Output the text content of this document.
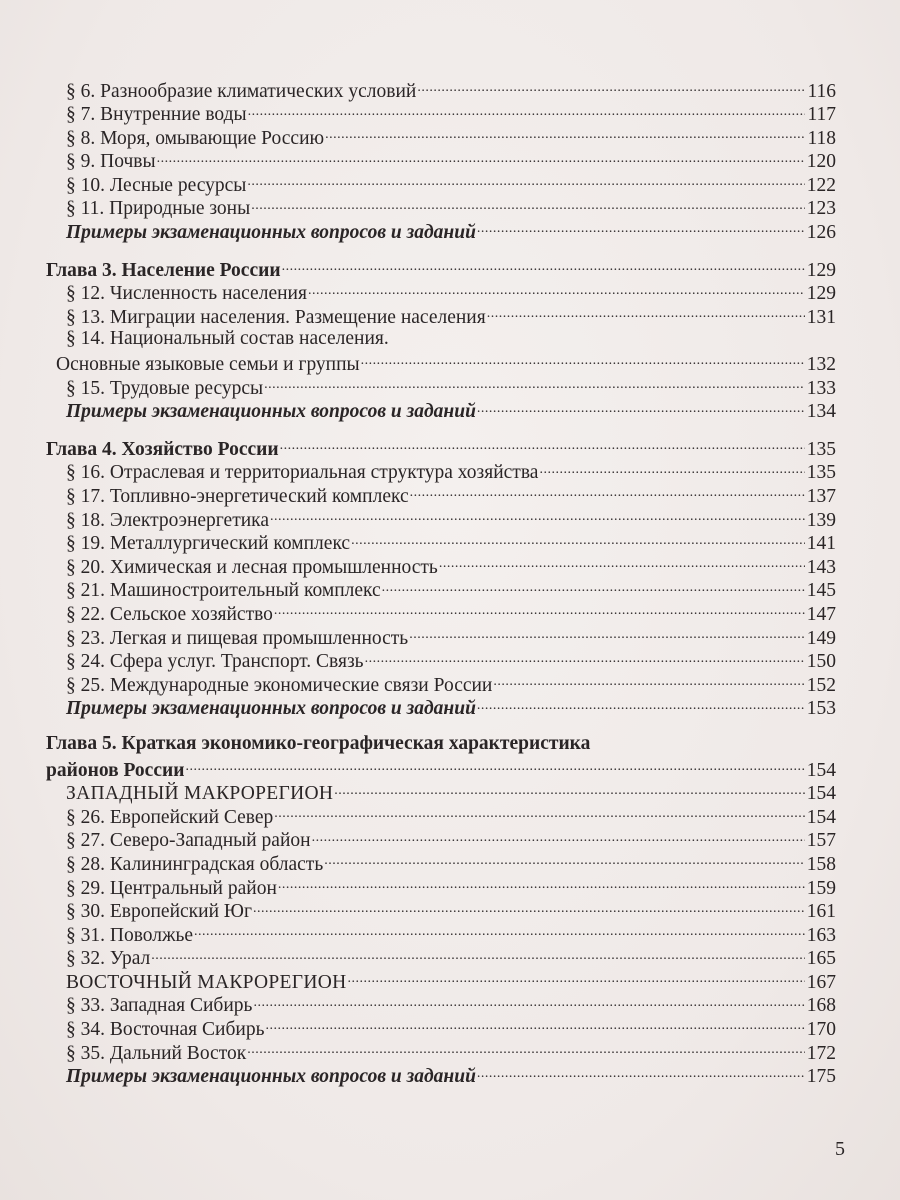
§ 6. Разнообразие климатических условий .....	116
§ 7. Внутренние воды .....	117
§ 8. Моря, омывающие Россию .....	118
§ 9. Почвы .....	120
§ 10. Лесные ресурсы .....	122
§ 11. Природные зоны .....	123
Примеры экзаменационных вопросов и заданий .....	126
Глава 3. Население России .....	129
§ 12. Численность населения .....	129
§ 13. Миграции населения. Размещение населения .....	131
§ 14. Национальный состав населения.
Основные языковые семьи и группы .....	132
§ 15. Трудовые ресурсы .....	133
Примеры экзаменационных вопросов и заданий .....	134
Глава 4. Хозяйство России .....	135
§ 16. Отраслевая и территориальная структура хозяйства .....	135
§ 17. Топливно-энергетический комплекс .....	137
§ 18. Электроэнергетика .....	139
§ 19. Металлургический комплекс .....	141
§ 20. Химическая и лесная промышленность .....	143
§ 21. Машиностроительный комплекс .....	145
§ 22. Сельское хозяйство .....	147
§ 23. Легкая и пищевая промышленность .....	149
§ 24. Сфера услуг. Транспорт. Связь .....	150
§ 25. Международные экономические связи России .....	152
Примеры экзаменационных вопросов и заданий .....	153
Глава 5. Краткая экономико-географическая характеристика
районов России .....	154
ЗАПАДНЫЙ МАКРОРЕГИОН .....	154
§ 26. Европейский Север .....	154
§ 27. Северо-Западный район .....	157
§ 28. Калининградская область .....	158
§ 29. Центральный район .....	159
§ 30. Европейский Юг .....	161
§ 31. Поволжье .....	163
§ 32. Урал .....	165
ВОСТОЧНЫЙ МАКРОРЕГИОН .....	167
§ 33. Западная Сибирь .....	168
§ 34. Восточная Сибирь .....	170
§ 35. Дальний Восток .....	172
Примеры экзаменационных вопросов и заданий .....	175
5
